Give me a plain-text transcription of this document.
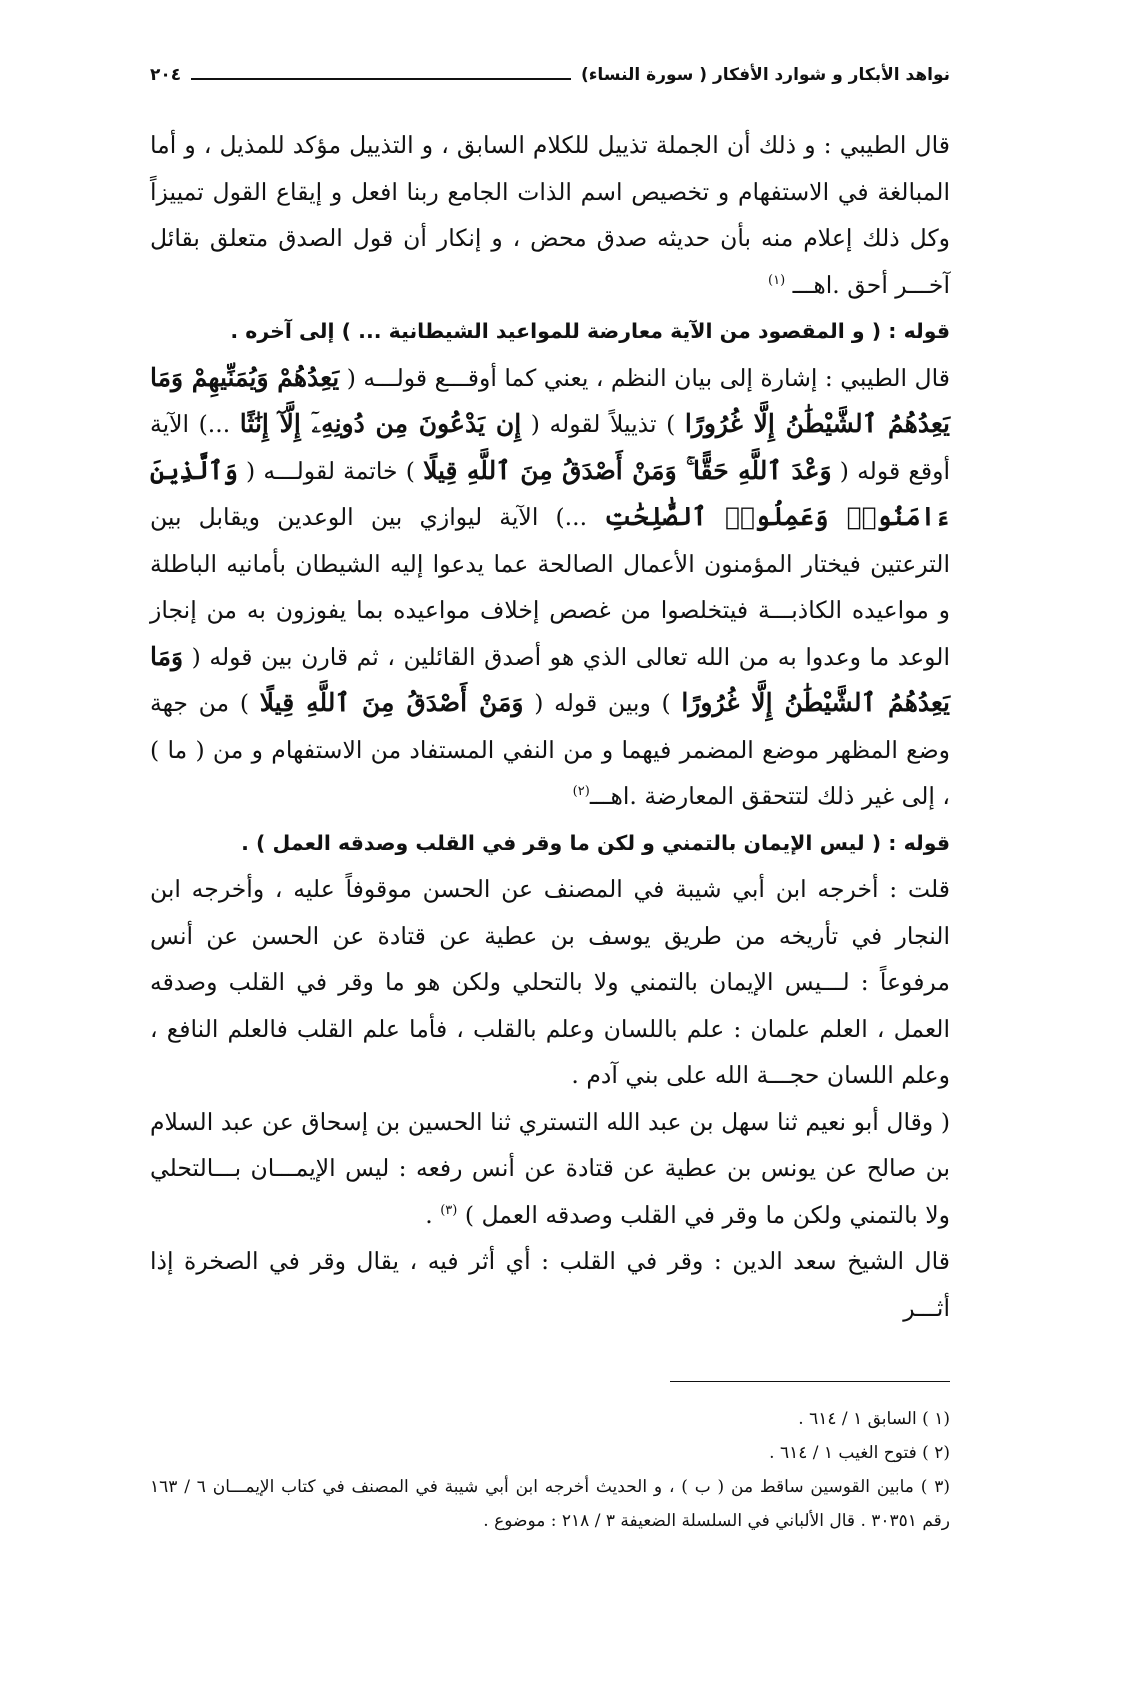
نواهد الأبكار و شوارد الأفكار ( سورة النساء)
٢٠٤

قال الطيبي : و ذلك أن الجملة تذييل للكلام السابق ، و التذييل مؤكد للمذيل ، و أما المبالغة في الاستفهام و تخصيص اسم الذات الجامع ربنا افعل و إيقاع القول تمييزاً وكل ذلك إعلام منه بأن حديثه صدق محض ، و إنكار أن قول الصدق متعلق بقائل آخـــر أحق .اهـــ $^{(١)}$

قوله : ( و المقصود من الآية معارضة للمواعيد الشيطانية ... ) إلى آخره .

قال الطيبي : إشارة إلى بيان النظم ، يعني كما أوقـــع قولـــه ( يَعِدُهُمْ وَيُمَنِّيهِمْ وَمَا يَعِدُهُمُ ٱلشَّيْطَٰنُ إِلَّا غُرُورًا ) تذييلاً لقوله ( إِن يَدْعُونَ مِن دُونِهِۦٓ إِلَّآ إِنَٰثًا ...) الآية أوقع قوله ( وَعْدَ ٱللَّهِ حَقًّا ۚ وَمَنْ أَصْدَقُ مِنَ ٱللَّهِ قِيلًا ) خاتمة لقولـــه ( وَٱلَّذِينَ ءَامَنُوا۟ وَعَمِلُوا۟ ٱلصَّٰلِحَٰتِ ...) الآية ليوازي بين الوعدين ويقابل بين الترعتين فيختار المؤمنون الأعمال الصالحة عما يدعوا إليه الشيطان بأمانيه الباطلة و مواعيده الكاذبـــة فيتخلصوا من غصص إخلاف مواعيده بما يفوزون به من إنجاز الوعد ما وعدوا به من الله تعالى الذي هو أصدق القائلين ، ثم قارن بين قوله ( وَمَا يَعِدُهُمُ ٱلشَّيْطَٰنُ إِلَّا غُرُورًا ) وبين قوله ( وَمَنْ أَصْدَقُ مِنَ ٱللَّهِ قِيلًا ) من جهة وضع المظهر موضع المضمر فيهما و من النفي المستفاد من الاستفهام و من ( ما ) ، إلى غير ذلك لتتحقق المعارضة .اهـــ$^{(٢)}$

قوله : ( ليس الإيمان بالتمني و لكن ما وقر في القلب وصدقه العمل ) .

قلت : أخرجه ابن أبي شيبة في المصنف عن الحسن موقوفاً عليه ، وأخرجه ابن النجار في تأريخه من طريق يوسف بن عطية عن قتادة عن الحسن عن أنس مرفوعاً : لـــيس الإيمان بالتمني ولا بالتحلي ولكن هو ما وقر في القلب وصدقه العمل ، العلم علمان : علم باللسان وعلم بالقلب ، فأما علم القلب فالعلم النافع ، وعلم اللسان حجـــة الله على بني آدم .

( وقال أبو نعيم ثنا سهل بن عبد الله التستري ثنا الحسين بن إسحاق عن عبد السلام بن صالح عن يونس بن عطية عن قتادة عن أنس رفعه : ليس الإيمـــان بـــالتحلي ولا بالتمني ولكن ما وقر في القلب وصدقه العمل ) $^{(٣)}$ .

قال الشيخ سعد الدين : وقر في القلب : أي أثر فيه ، يقال وقر في الصخرة إذا أثـــر

(١ ) السابق ١ / ٦١٤ .

(٢ ) فتوح الغيب ١ / ٦١٤ .

(٣ ) مابين القوسين ساقط من ( ب ) ، و الحديث أخرجه ابن أبي شيبة في المصنف في كتاب الإيمـــان ٦ / ١٦٣ رقم ٣٠٣٥١ . قال الألباني في السلسلة الضعيفة ٣ / ٢١٨ : موضوع .
